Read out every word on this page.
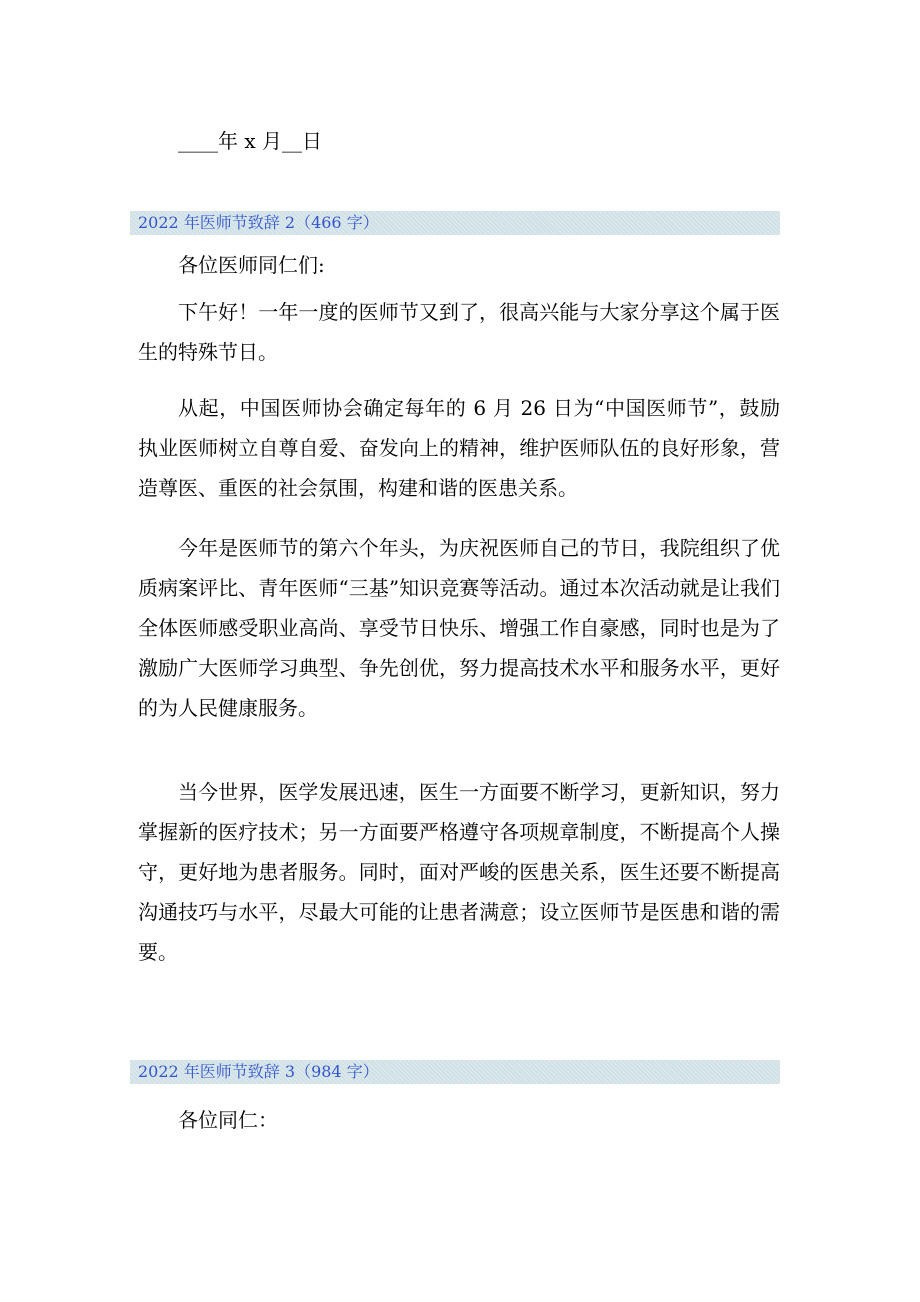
____年 x 月__日
2022 年医师节致辞 2（466 字）

各位医师同仁们:

下午好！一年一度的医师节又到了，很高兴能与大家分享这个属于医生的特殊节日。

从起，中国医师协会确定每年的 6 月 26 日为“中国医师节”，鼓励执业医师树立自尊自爱、奋发向上的精神，维护医师队伍的良好形象，营造尊医、重医的社会氛围，构建和谐的医患关系。

今年是医师节的第六个年头，为庆祝医师自己的节日，我院组织了优质病案评比、青年医师“三基”知识竞赛等活动。通过本次活动就是让我们全体医师感受职业高尚、享受节日快乐、增强工作自豪感，同时也是为了激励广大医师学习典型、争先创优，努力提高技术水平和服务水平，更好的为人民健康服务。

当今世界，医学发展迅速，医生一方面要不断学习，更新知识，努力掌握新的医疗技术；另一方面要严格遵守各项规章制度，不断提高个人操守，更好地为患者服务。同时，面对严峻的医患关系，医生还要不断提高沟通技巧与水平，尽最大可能的让患者满意；设立医师节是医患和谐的需要。

2022 年医师节致辞 3（984 字）

各位同仁：
